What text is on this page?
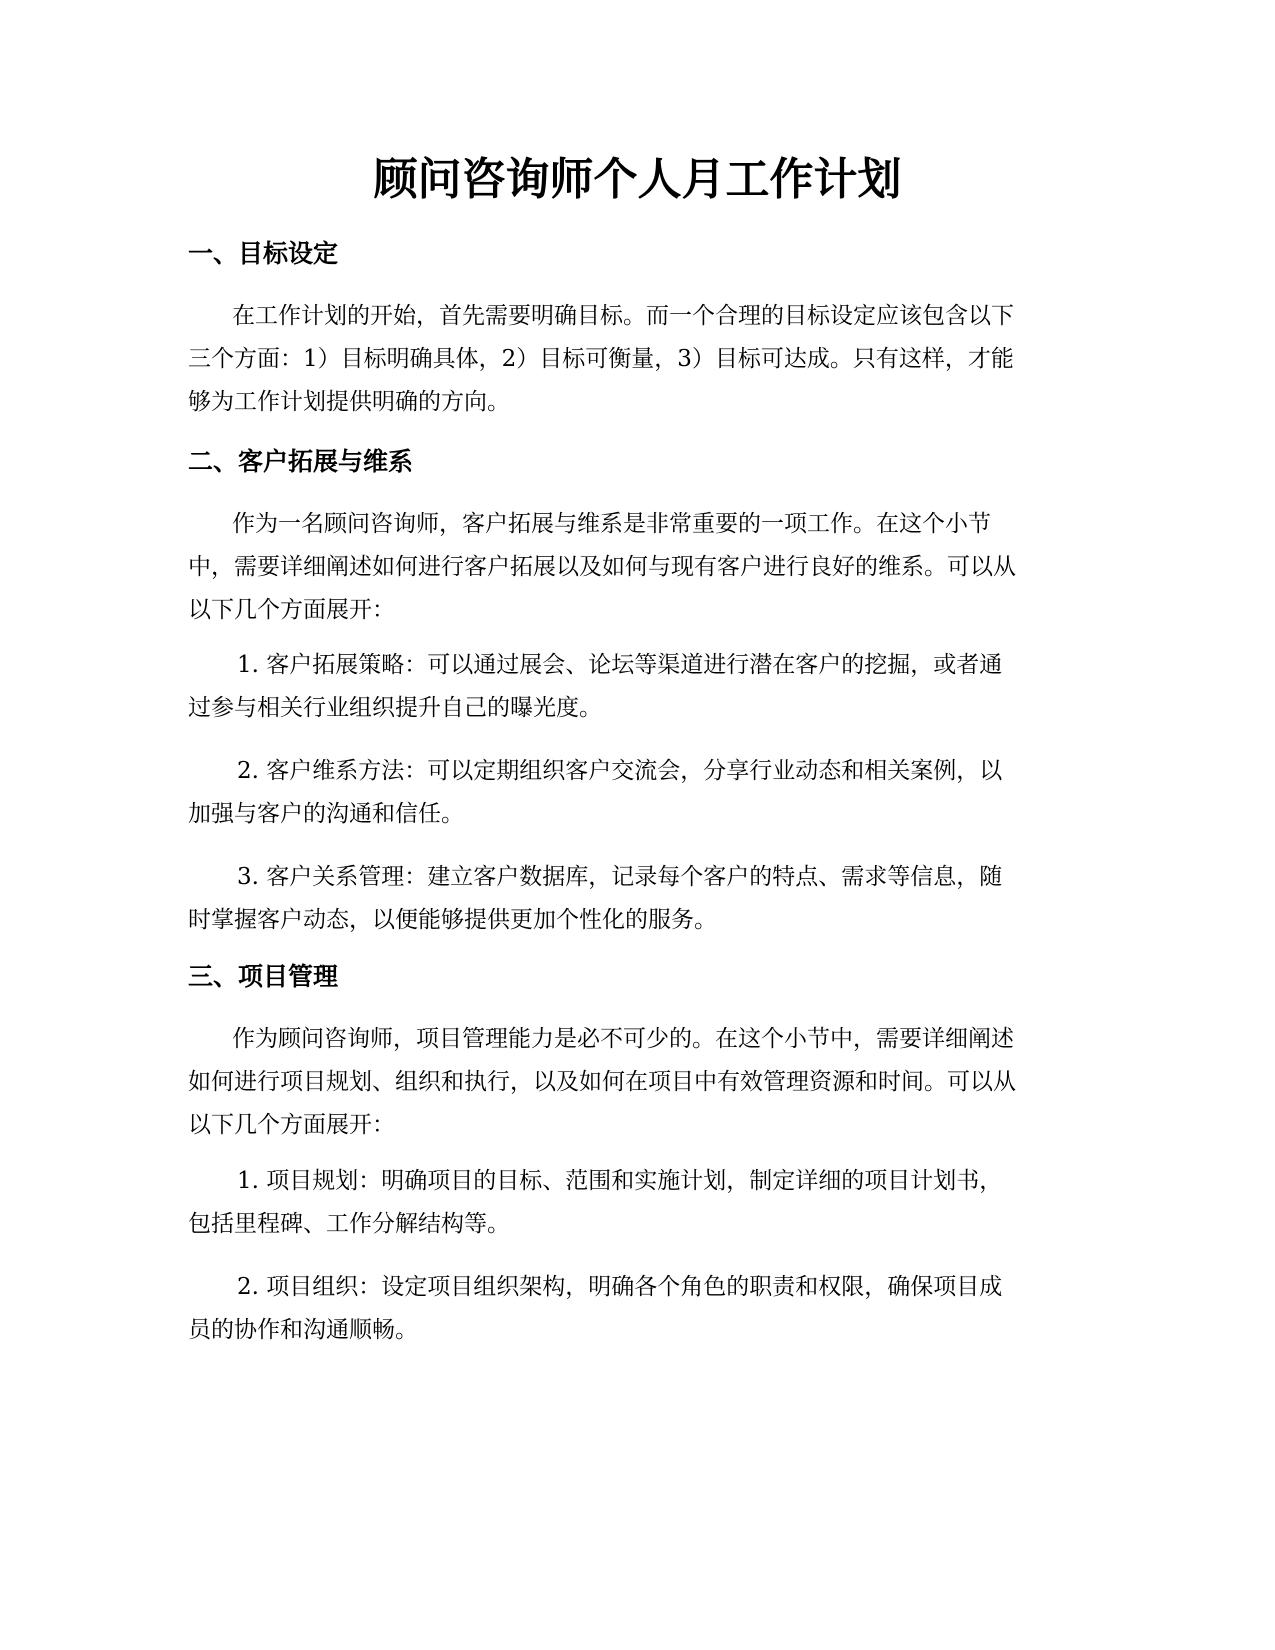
顾问咨询师个人月工作计划
一、目标设定

在工作计划的开始，首先需要明确目标。而一个合理的目标设定应该包含以下
三个方面：1）目标明确具体，2）目标可衡量，3）目标可达成。只有这样，才能
够为工作计划提供明确的方向。

二、客户拓展与维系

作为一名顾问咨询师，客户拓展与维系是非常重要的一项工作。在这个小节
中，需要详细阐述如何进行客户拓展以及如何与现有客户进行良好的维系。可以从
以下几个方面展开：

1. 客户拓展策略：可以通过展会、论坛等渠道进行潜在客户的挖掘，或者通
过参与相关行业组织提升自己的曝光度。

2. 客户维系方法：可以定期组织客户交流会，分享行业动态和相关案例，以
加强与客户的沟通和信任。

3. 客户关系管理：建立客户数据库，记录每个客户的特点、需求等信息，随
时掌握客户动态，以便能够提供更加个性化的服务。

三、项目管理

作为顾问咨询师，项目管理能力是必不可少的。在这个小节中，需要详细阐述
如何进行项目规划、组织和执行，以及如何在项目中有效管理资源和时间。可以从
以下几个方面展开：

1. 项目规划：明确项目的目标、范围和实施计划，制定详细的项目计划书，
包括里程碑、工作分解结构等。

2. 项目组织：设定项目组织架构，明确各个角色的职责和权限，确保项目成
员的协作和沟通顺畅。
